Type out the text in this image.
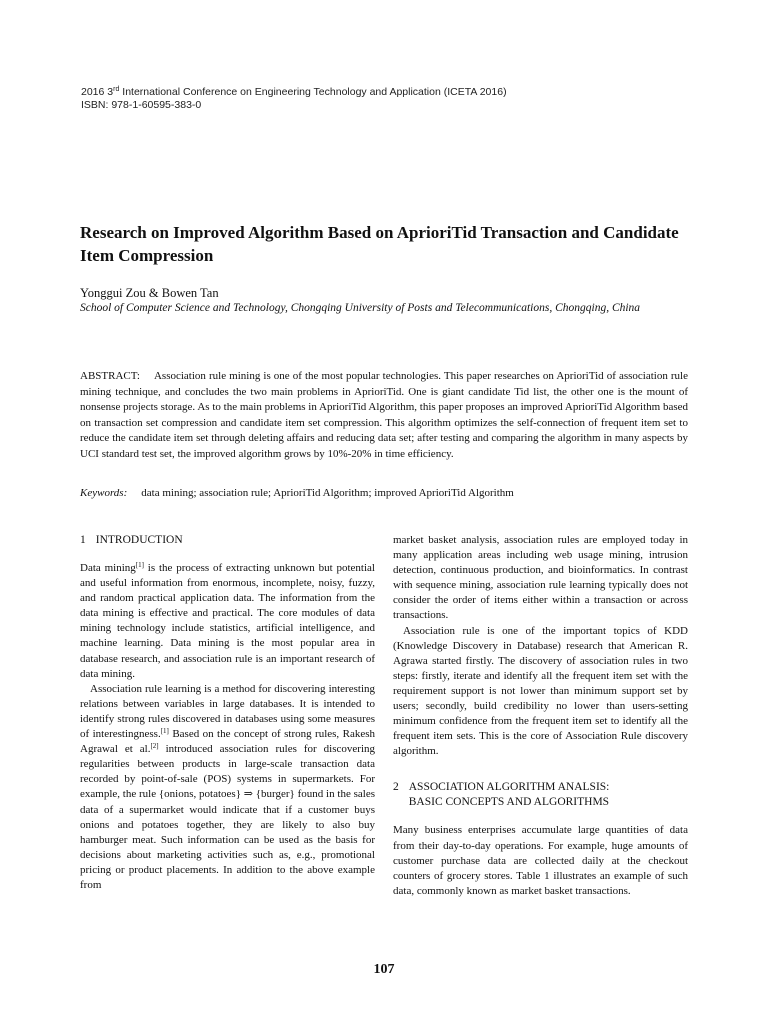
2016 3rd International Conference on Engineering Technology and Application (ICETA 2016)
ISBN: 978-1-60595-383-0
Research on Improved Algorithm Based on AprioriTid Transaction and Candidate Item Compression
Yonggui Zou & Bowen Tan
School of Computer Science and Technology, Chongqing University of Posts and Telecommunications, Chongqing, China
ABSTRACT: Association rule mining is one of the most popular technologies. This paper researches on AprioriTid of association rule mining technique, and concludes the two main problems in AprioriTid. One is giant candidate Tid list, the other one is the mount of nonsense projects storage. As to the main problems in AprioriTid Algorithm, this paper proposes an improved AprioriTid Algorithm based on transaction set compression and candidate item set compression. This algorithm optimizes the self-connection of frequent item set to reduce the candidate item set through deleting affairs and reducing data set; after testing and comparing the algorithm in many aspects by UCI standard test set, the improved algorithm grows by 10%-20% in time efficiency.
Keywords: data mining; association rule; AprioriTid Algorithm; improved AprioriTid Algorithm
1 INTRODUCTION

Data mining[1] is the process of extracting unknown but potential and useful information from enormous, incomplete, noisy, fuzzy, and random practical application data. The information from the data mining is effective and practical. The core modules of data mining technology include statistics, artificial intelligence, and machine learning. Data mining is the most popular area in database research, and association rule is an important research of data mining.

Association rule learning is a method for discovering interesting relations between variables in large databases. It is intended to identify strong rules discovered in databases using some measures of interestingness.[1] Based on the concept of strong rules, Rakesh Agrawal et al.[2] introduced association rules for discovering regularities between products in large-scale transaction data recorded by point-of-sale (POS) systems in supermarkets. For example, the rule {onions, potatoes} ⇒ {burger} found in the sales data of a supermarket would indicate that if a customer buys onions and potatoes together, they are likely to also buy hamburger meat. Such information can be used as the basis for decisions about marketing activities such as, e.g., promotional pricing or product placements. In addition to the above example from

market basket analysis, association rules are employed today in many application areas including web usage mining, intrusion detection, continuous production, and bioinformatics. In contrast with sequence mining, association rule learning typically does not consider the order of items either within a transaction or across transactions.

Association rule is one of the important topics of KDD (Knowledge Discovery in Database) research that American R. Agrawa started firstly. The discovery of association rules in two steps: firstly, iterate and identify all the frequent item set with the requirement support is not lower than minimum support set by users; secondly, build credibility no lower than users-setting minimum confidence from the frequent item set to identify all the frequent item sets. This is the core of Association Rule discovery algorithm.

2 ASSOCIATION ALGORITHM ANALSIS:
BASIC CONCEPTS AND ALGORITHMS

Many business enterprises accumulate large quantities of data from their day-to-day operations. For example, huge amounts of customer purchase data are collected daily at the checkout counters of grocery stores. Table 1 illustrates an example of such data, commonly known as market basket transactions.

107
